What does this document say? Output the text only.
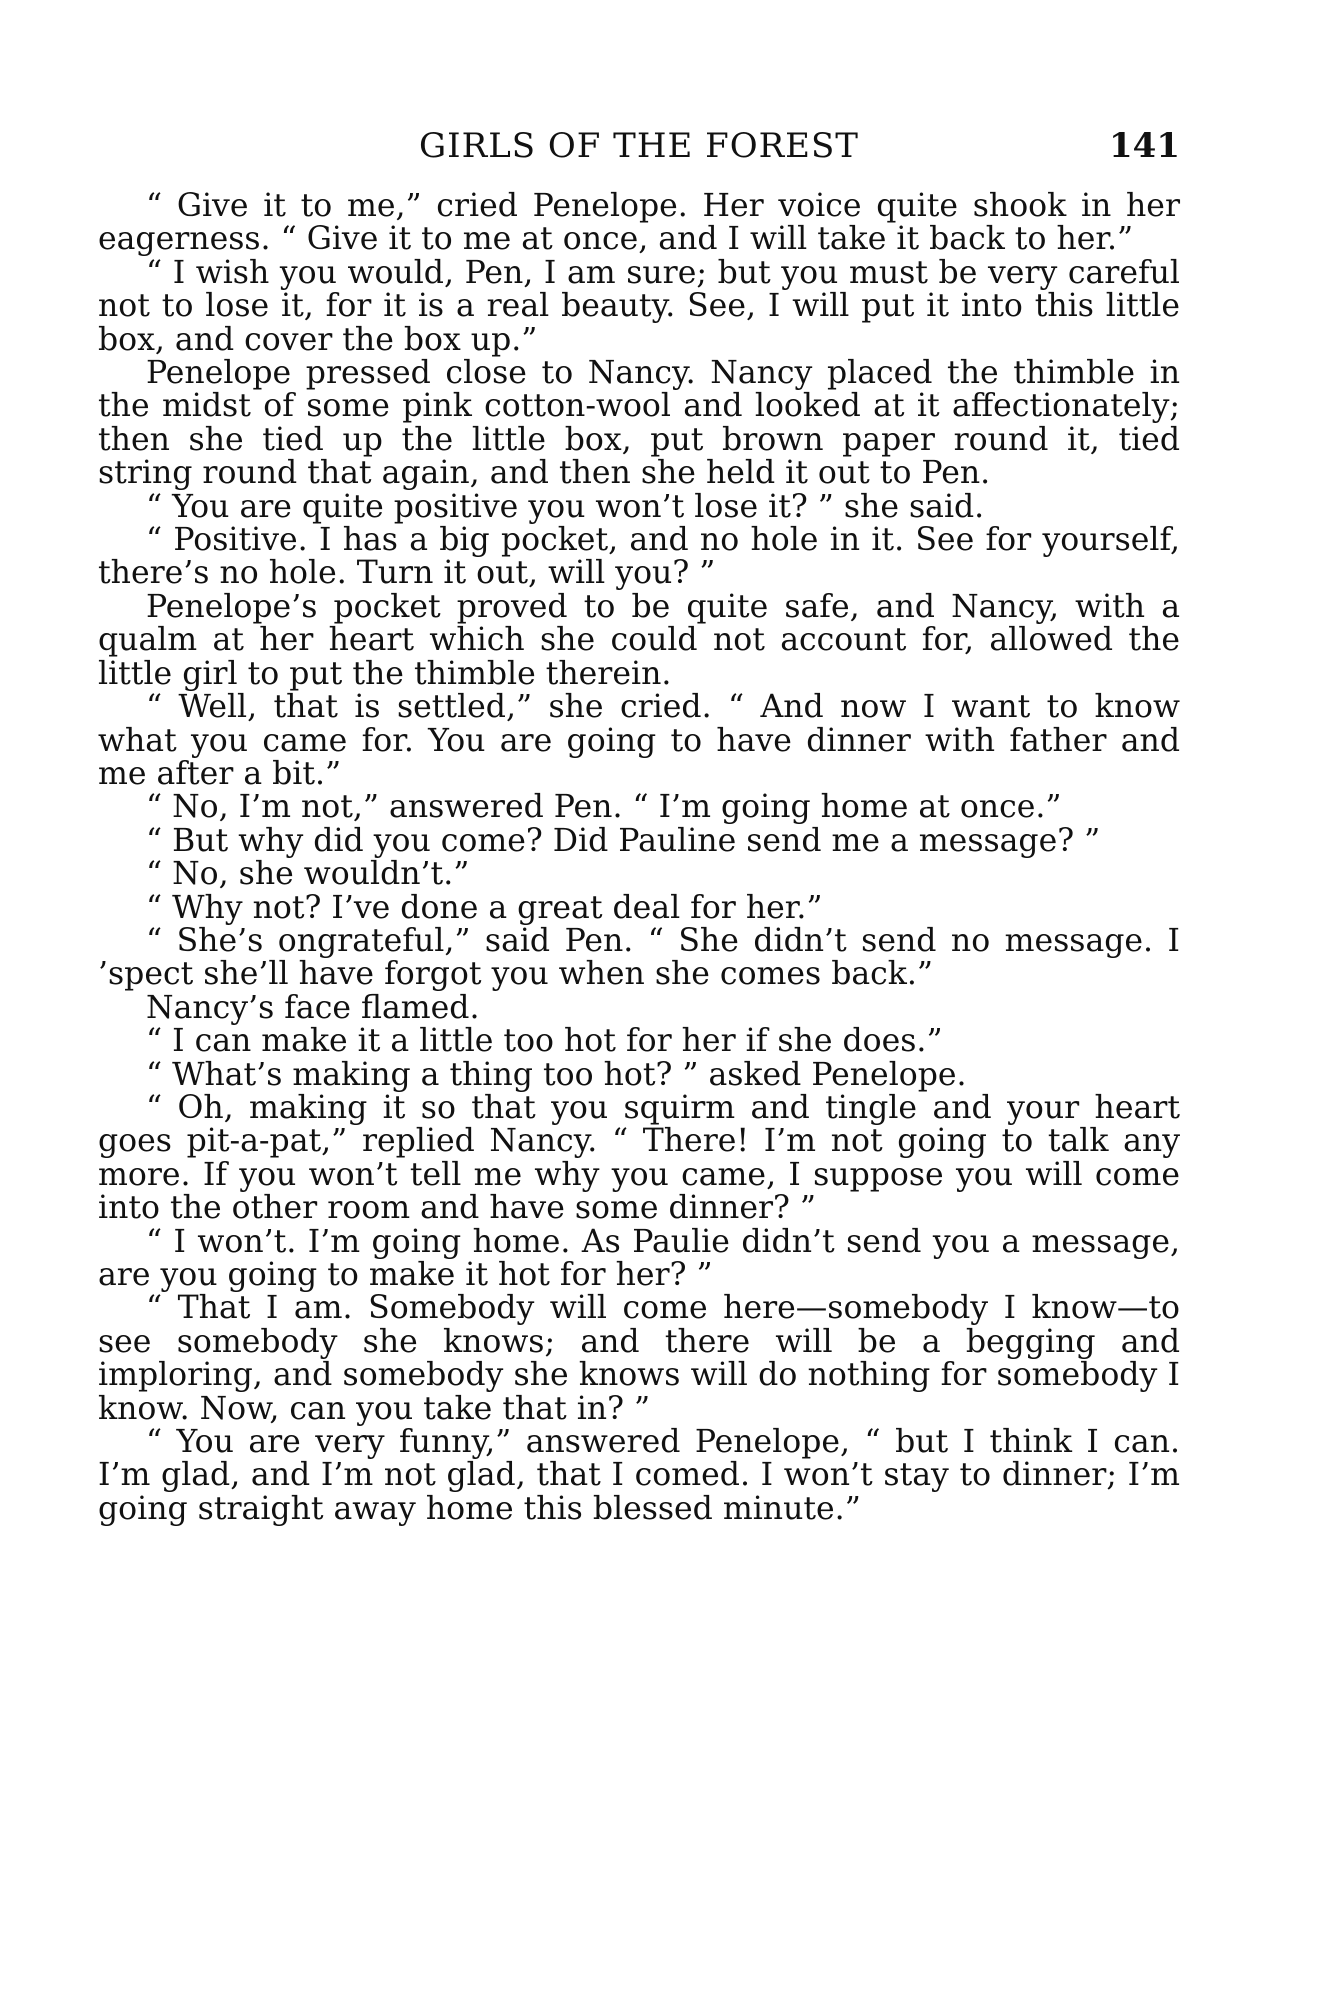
GIRLS OF THE FOREST	141

“ Give it to me,” cried Penelope. Her voice quite shook in her eagerness. “ Give it to me at once, and I will take it back to her.”

“ I wish you would, Pen, I am sure; but you must be very careful not to lose it, for it is a real beauty. See, I will put it into this little box, and cover the box up.”

Penelope pressed close to Nancy. Nancy placed the thimble in the midst of some pink cotton-wool and looked at it affectionately; then she tied up the little box, put brown paper round it, tied string round that again, and then she held it out to Pen.

“ You are quite positive you won’t lose it? ” she said.

“ Positive. I has a big pocket, and no hole in it. See for yourself, there’s no hole. Turn it out, will you? ”

Penelope’s pocket proved to be quite safe, and Nancy, with a qualm at her heart which she could not account for, allowed the little girl to put the thimble therein.

“ Well, that is settled,” she cried. “ And now I want to know what you came for. You are going to have dinner with father and me after a bit.”

“ No, I’m not,” answered Pen. “ I’m going home at once.”

“ But why did you come? Did Pauline send me a message? ”

“ No, she wouldn’t.”

“ Why not? I’ve done a great deal for her.”

“ She’s ongrateful,” said Pen. “ She didn’t send no message. I ’spect she’ll have forgot you when she comes back.”

Nancy’s face flamed.

“ I can make it a little too hot for her if she does.”

“ What’s making a thing too hot? ” asked Penelope.

“ Oh, making it so that you squirm and tingle and your heart goes pit-a-pat,” replied Nancy. “ There! I’m not going to talk any more. If you won’t tell me why you came, I suppose you will come into the other room and have some dinner? ”

“ I won’t. I’m going home. As Paulie didn’t send you a message, are you going to make it hot for her? ”

“ That I am. Somebody will come here—somebody I know—to see somebody she knows; and there will be a begging and imploring, and somebody she knows will do nothing for somebody I know. Now, can you take that in? ”

“ You are very funny,” answered Penelope, “ but I think I can. I’m glad, and I’m not glad, that I comed. I won’t stay to dinner; I’m going straight away home this blessed minute.”
